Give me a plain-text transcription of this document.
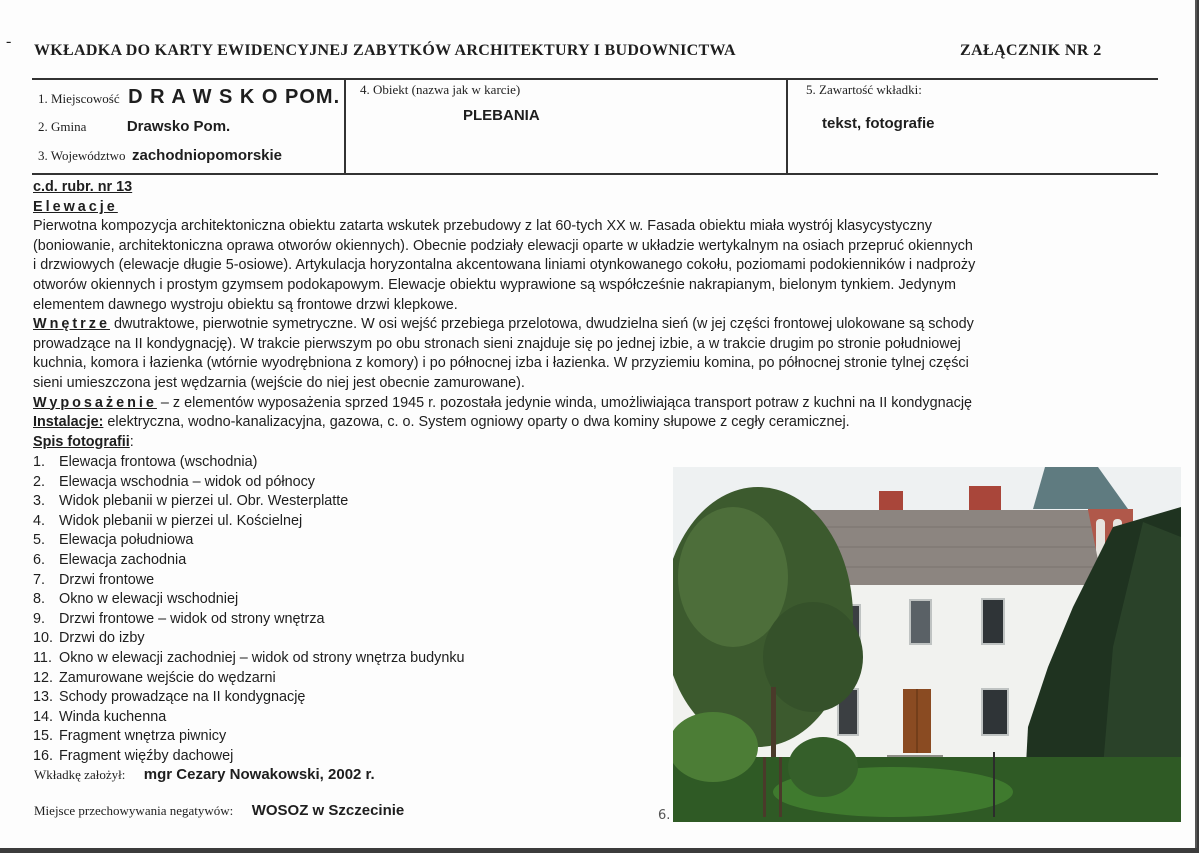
-
WKŁADKA DO KARTY EWIDENCYJNEJ ZABYTKÓW ARCHITEKTURY I BUDOWNICTWA	ZAŁĄCZNIK NR 2
1. Miejscowość D R A W S K O POM.
2. Gmina	Drawsko Pom.
3. Województwo zachodniopomorskie
4. Obiekt (nazwa jak w karcie)
PLEBANIA
5. Zawartość wkładki:
tekst, fotografie
c.d. rubr. nr 13
Elewacje
Pierwotna kompozycja architektoniczna obiektu zatarta wskutek przebudowy z lat 60-tych XX w. Fasada obiektu miała wystrój klasycystyczny
(boniowanie, architektoniczna oprawa otworów okiennych). Obecnie podziały elewacji oparte w układzie wertykalnym na osiach przepruć okiennych
i drzwiowych (elewacje długie 5-osiowe). Artykulacja horyzontalna akcentowana liniami otynkowanego cokołu, poziomami podokienników i nadproży
otworów okiennych i prostym gzymsem podokapowym. Elewacje obiektu wyprawione są współcześnie nakrapianym, bielonym tynkiem. Jedynym
elementem dawnego wystroju obiektu są frontowe drzwi klepkowe.
Wnętrze dwutraktowe, pierwotnie symetryczne. W osi wejść przebiega przelotowa, dwudzielna sień (w jej części frontowej ulokowane są schody
prowadzące na II kondygnację). W trakcie pierwszym po obu stronach sieni znajduje się po jednej izbie, a w trakcie drugim po stronie południowej
kuchnia, komora i łazienka (wtórnie wyodrębniona z komory) i po północnej izba i łazienka. W przyziemiu komina, po północnej stronie tylnej części
sieni umieszczona jest wędzarnia (wejście do niej jest obecnie zamurowane).
Wyposażenie – z elementów wyposażenia sprzed 1945 r. pozostała jedynie winda, umożliwiająca transport potraw z kuchni na II kondygnację
Instalacje: elektryczna, wodno-kanalizacyjna, gazowa, c. o. System ogniowy oparty o dwa kominy słupowe z cegły ceramicznej.
Spis fotografii:
1. Elewacja frontowa (wschodnia)
2. Elewacja wschodnia – widok od północy
3. Widok plebanii w pierzei ul. Obr. Westerplatte
4. Widok plebanii w pierzei ul. Kościelnej
5. Elewacja południowa
6. Elewacja zachodnia
7. Drzwi frontowe
8. Okno w elewacji wschodniej
9. Drzwi frontowe – widok od strony wnętrza
10. Drzwi do izby
11. Okno w elewacji zachodniej – widok od strony wnętrza budynku
12. Zamurowane wejście do wędzarni
13. Schody prowadzące na II kondygnację
14. Winda kuchenna
15. Fragment wnętrza piwnicy
16. Fragment więźby dachowej
Wkładkę założył: mgr Cezary Nowakowski, 2002 r.
Miejsce przechowywania negatywów: WOSOZ w Szczecinie	6.
